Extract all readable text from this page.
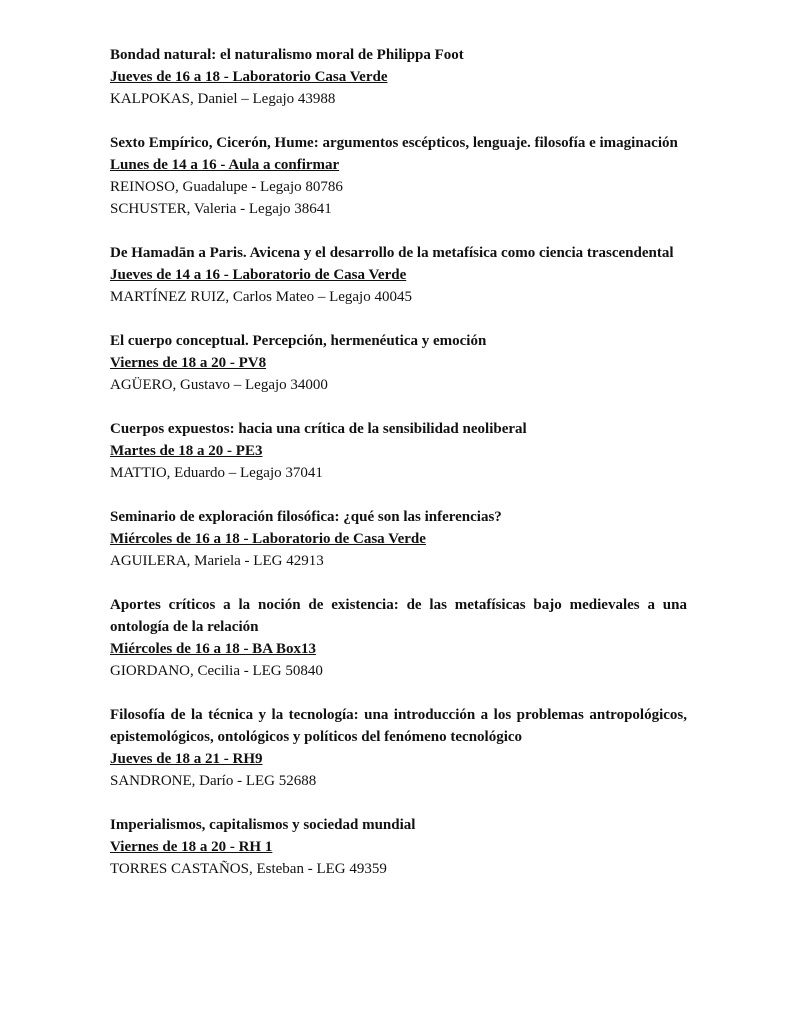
Bondad natural: el naturalismo moral de Philippa Foot

Jueves de 16 a 18 - Laboratorio Casa Verde

KALPOKAS, Daniel – Legajo 43988

Sexto Empírico, Cicerón, Hume: argumentos escépticos, lenguaje. filosofía e imaginación

Lunes de 14 a 16 - Aula a confirmar

REINOSO, Guadalupe - Legajo 80786

SCHUSTER, Valeria - Legajo 38641

De Hamadān a Paris. Avicena y el desarrollo de la metafísica como ciencia trascendental

Jueves de 14 a 16 - Laboratorio de Casa Verde

MARTÍNEZ RUIZ, Carlos Mateo – Legajo 40045

El cuerpo conceptual. Percepción, hermenéutica y emoción

Viernes de 18 a 20 - PV8

AGÜERO, Gustavo – Legajo 34000

Cuerpos expuestos: hacia una crítica de la sensibilidad neoliberal

Martes de 18 a 20 - PE3

MATTIO, Eduardo – Legajo 37041

Seminario de exploración filosófica: ¿qué son las inferencias?

Miércoles de 16 a 18 - Laboratorio de Casa Verde

AGUILERA, Mariela - LEG 42913

Aportes críticos a la noción de existencia: de las metafísicas bajo medievales a una ontología de la relación

Miércoles de 16 a 18 - BA Box13

GIORDANO, Cecilia - LEG 50840

Filosofía de la técnica y la tecnología: una introducción a los problemas antropológicos, epistemológicos, ontológicos y políticos del fenómeno tecnológico

Jueves de 18 a 21 - RH9

SANDRONE, Darío - LEG 52688

Imperialismos, capitalismos y sociedad mundial

Viernes de 18 a 20 - RH 1

TORRES CASTAÑOS, Esteban - LEG 49359
